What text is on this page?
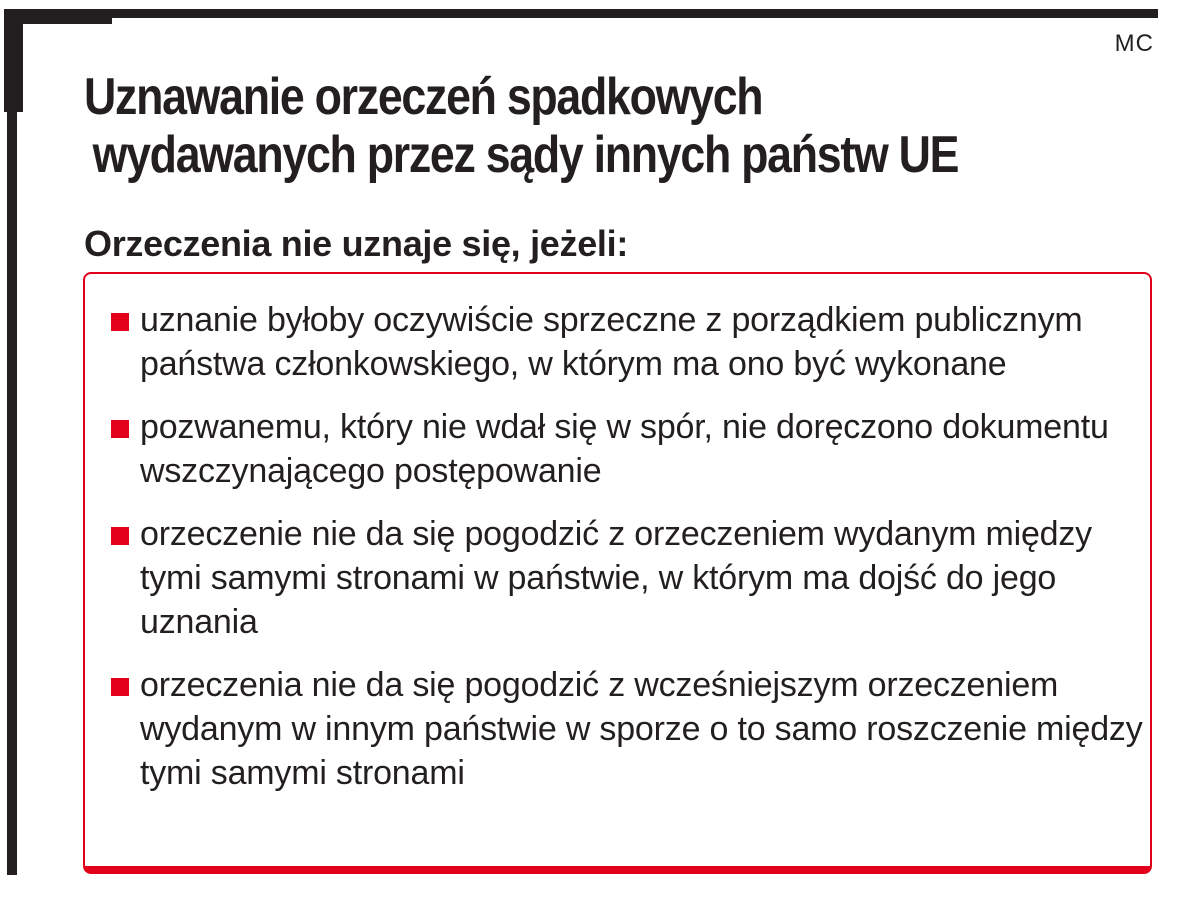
MC
Uznawanie orzeczeń spadkowych
wydawanych przez sądy innych państw UE
Orzeczenia nie uznaje się, jeżeli:
uznanie byłoby oczywiście sprzeczne z porządkiem publicznym państwa członkowskiego, w którym ma ono być wykonane
pozwanemu, który nie wdał się w spór, nie doręczono dokumentu wszczynającego postępowanie
orzeczenie nie da się pogodzić z orzeczeniem wydanym między tymi samymi stronami w państwie, w którym ma dojść do jego uznania
orzeczenia nie da się pogodzić z wcześniejszym orzeczeniem wydanym w innym państwie w sporze o to samo roszczenie między tymi samymi stronami
